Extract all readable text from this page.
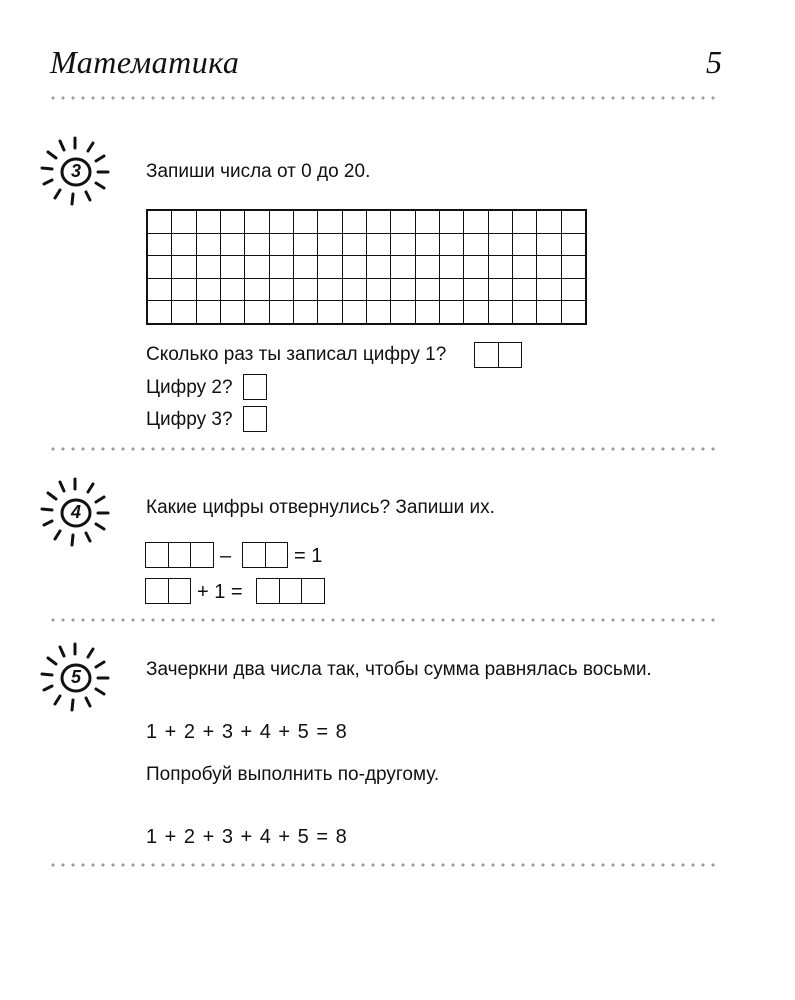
Математика	5
3	Запиши числа от 0 до 20.
Сколько раз ты записал цифру 1?
Цифру 2?
Цифру 3?
4	Какие цифры отвернулись? Запиши их.
–	= 1
+ 1 =
5	Зачеркни два числа так, чтобы сумма равнялась восьми.
1 + 2 + 3 + 4 + 5 = 8
Попробуй выполнить по-другому.
1 + 2 + 3 + 4 + 5 = 8
